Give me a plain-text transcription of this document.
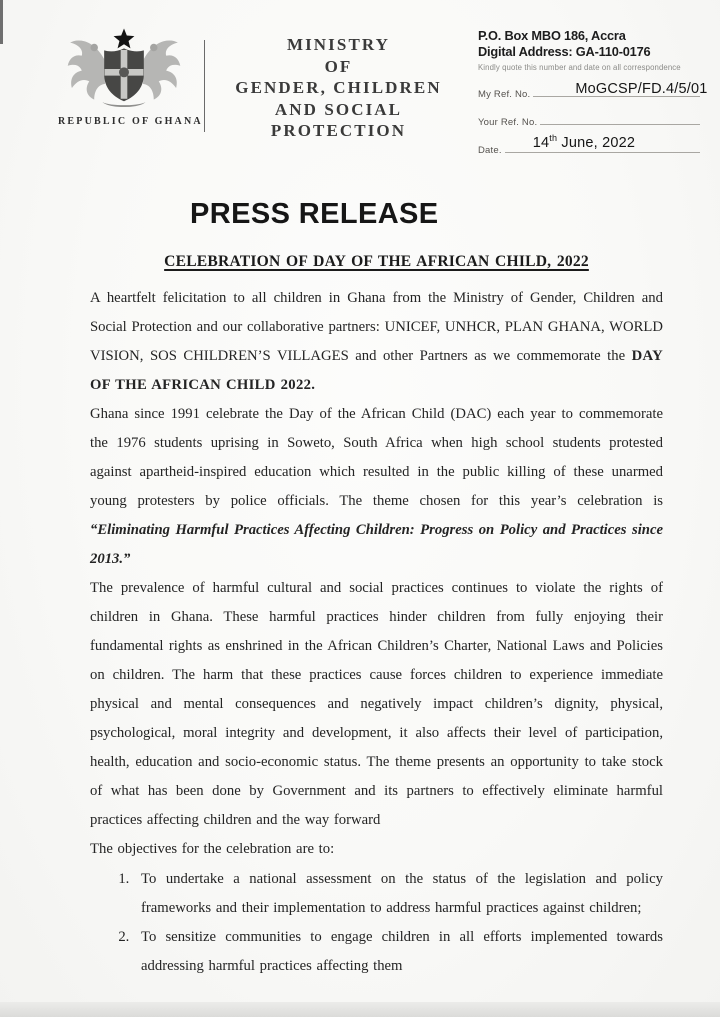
REPUBLIC OF GHANA
MINISTRY
OF
GENDER, CHILDREN
AND SOCIAL
PROTECTION
P.O. Box MBO 186, Accra
Digital Address: GA-110-0176
Kindly quote this number and date on all correspondence
My Ref. No.	MoGCSP/FD.4/5/01
Your Ref. No.
Date. 14th June, 2022
PRESS RELEASE
CELEBRATION OF DAY OF THE AFRICAN CHILD, 2022

A heartfelt felicitation to all children in Ghana from the Ministry of Gender, Children and Social Protection and our collaborative partners: UNICEF, UNHCR, PLAN GHANA, WORLD VISION, SOS CHILDREN’S VILLAGES and other Partners as we commemorate the DAY OF THE AFRICAN CHILD 2022.

Ghana since 1991 celebrate the Day of the African Child (DAC) each year to commemorate the 1976 students uprising in Soweto, South Africa when high school students protested against apartheid-inspired education which resulted in the public killing of these unarmed young protesters by police officials. The theme chosen for this year’s celebration is “Eliminating Harmful Practices Affecting Children: Progress on Policy and Practices since 2013.”

The prevalence of harmful cultural and social practices continues to violate the rights of children in Ghana. These harmful practices hinder children from fully enjoying their fundamental rights as enshrined in the African Children’s Charter, National Laws and Policies on children. The harm that these practices cause forces children to experience immediate physical and mental consequences and negatively impact children’s dignity, physical, psychological, moral integrity and development, it also affects their level of participation, health, education and socio-economic status. The theme presents an opportunity to take stock of what has been done by Government and its partners to effectively eliminate harmful practices affecting children and the way forward

The objectives for the celebration are to:

1. To undertake a national assessment on the status of the legislation and policy frameworks and their implementation to address harmful practices against children;
2. To sensitize communities to engage children in all efforts implemented towards addressing harmful practices affecting them
